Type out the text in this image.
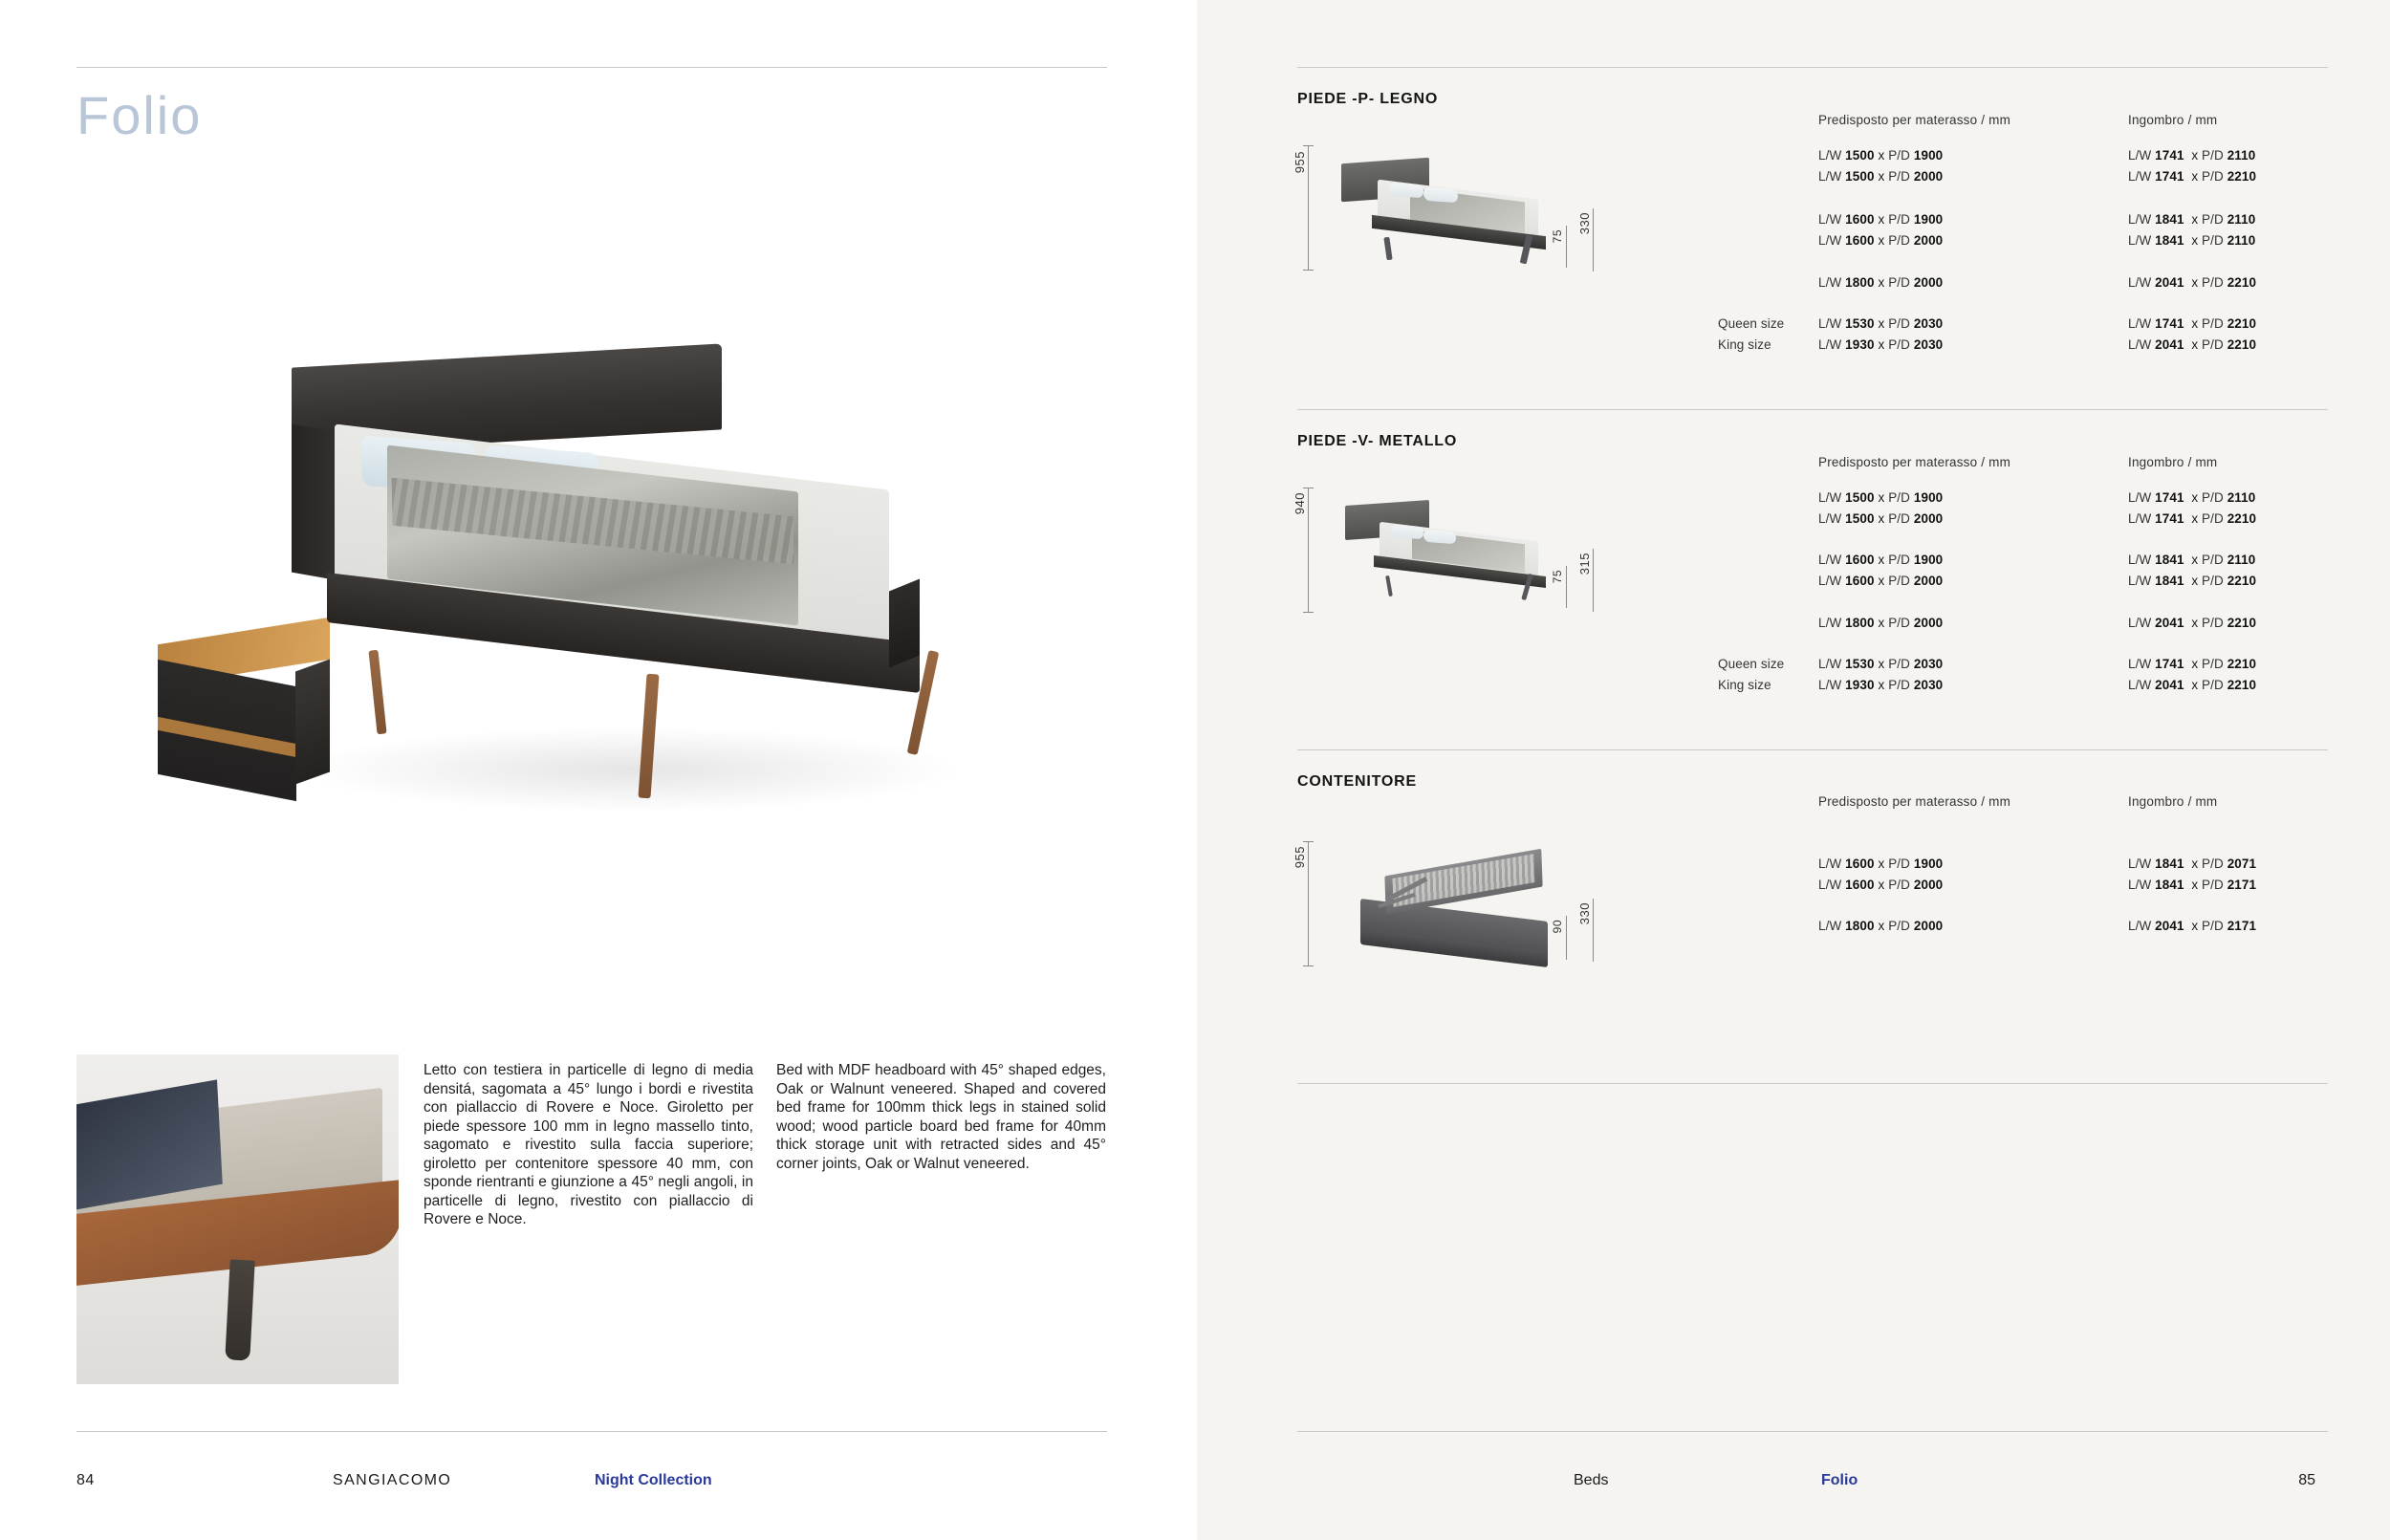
Folio

Letto con testiera in particelle di legno di media densitá, sagomata a 45° lungo i bordi e rivestita con piallaccio di Rovere e Noce. Giroletto per piede spessore 100 mm in legno massello tinto, sagomato e rivestito sulla faccia superiore; giroletto per contenitore spessore 40 mm, con sponde rientranti e giunzione a 45° negli angoli, in particelle di legno, rivestito con piallaccio di Rovere e Noce.

Bed with MDF headboard with 45° shaped edges, Oak or Walnunt veneered. Shaped and covered bed frame for 100mm thick legs in stained solid wood; wood particle board bed frame for 40mm thick storage unit with retracted sides and 45° corner joints, Oak or Walnut veneered.

84	SANGIACOMO	Night Collection
PIEDE -P- LEGNO
Predisposto per materasso / mm	Ingombro / mm
955
75
330
L/W 1500 x P/D 1900	L/W 1741 x P/D 2110
L/W 1500 x P/D 2000	L/W 1741 x P/D 2210
L/W 1600 x P/D 1900	L/W 1841 x P/D 2110
L/W 1600 x P/D 2000	L/W 1841 x P/D 2110
L/W 1800 x P/D 2000	L/W 2041 x P/D 2210
Queen size	L/W 1530 x P/D 2030	L/W 1741 x P/D 2210
King size	L/W 1930 x P/D 2030	L/W 2041 x P/D 2210
PIEDE -V- METALLO
Predisposto per materasso / mm	Ingombro / mm
940
75
315
L/W 1500 x P/D 1900	L/W 1741 x P/D 2110
L/W 1500 x P/D 2000	L/W 1741 x P/D 2210
L/W 1600 x P/D 1900	L/W 1841 x P/D 2110
L/W 1600 x P/D 2000	L/W 1841 x P/D 2210
L/W 1800 x P/D 2000	L/W 2041 x P/D 2210
Queen size	L/W 1530 x P/D 2030	L/W 1741 x P/D 2210
King size	L/W 1930 x P/D 2030	L/W 2041 x P/D 2210
CONTENITORE
Predisposto per materasso / mm	Ingombro / mm
955
90
330
L/W 1600 x P/D 1900	L/W 1841 x P/D 2071
L/W 1600 x P/D 2000	L/W 1841 x P/D 2171
L/W 1800 x P/D 2000	L/W 2041 x P/D 2171
Beds	Folio	85
